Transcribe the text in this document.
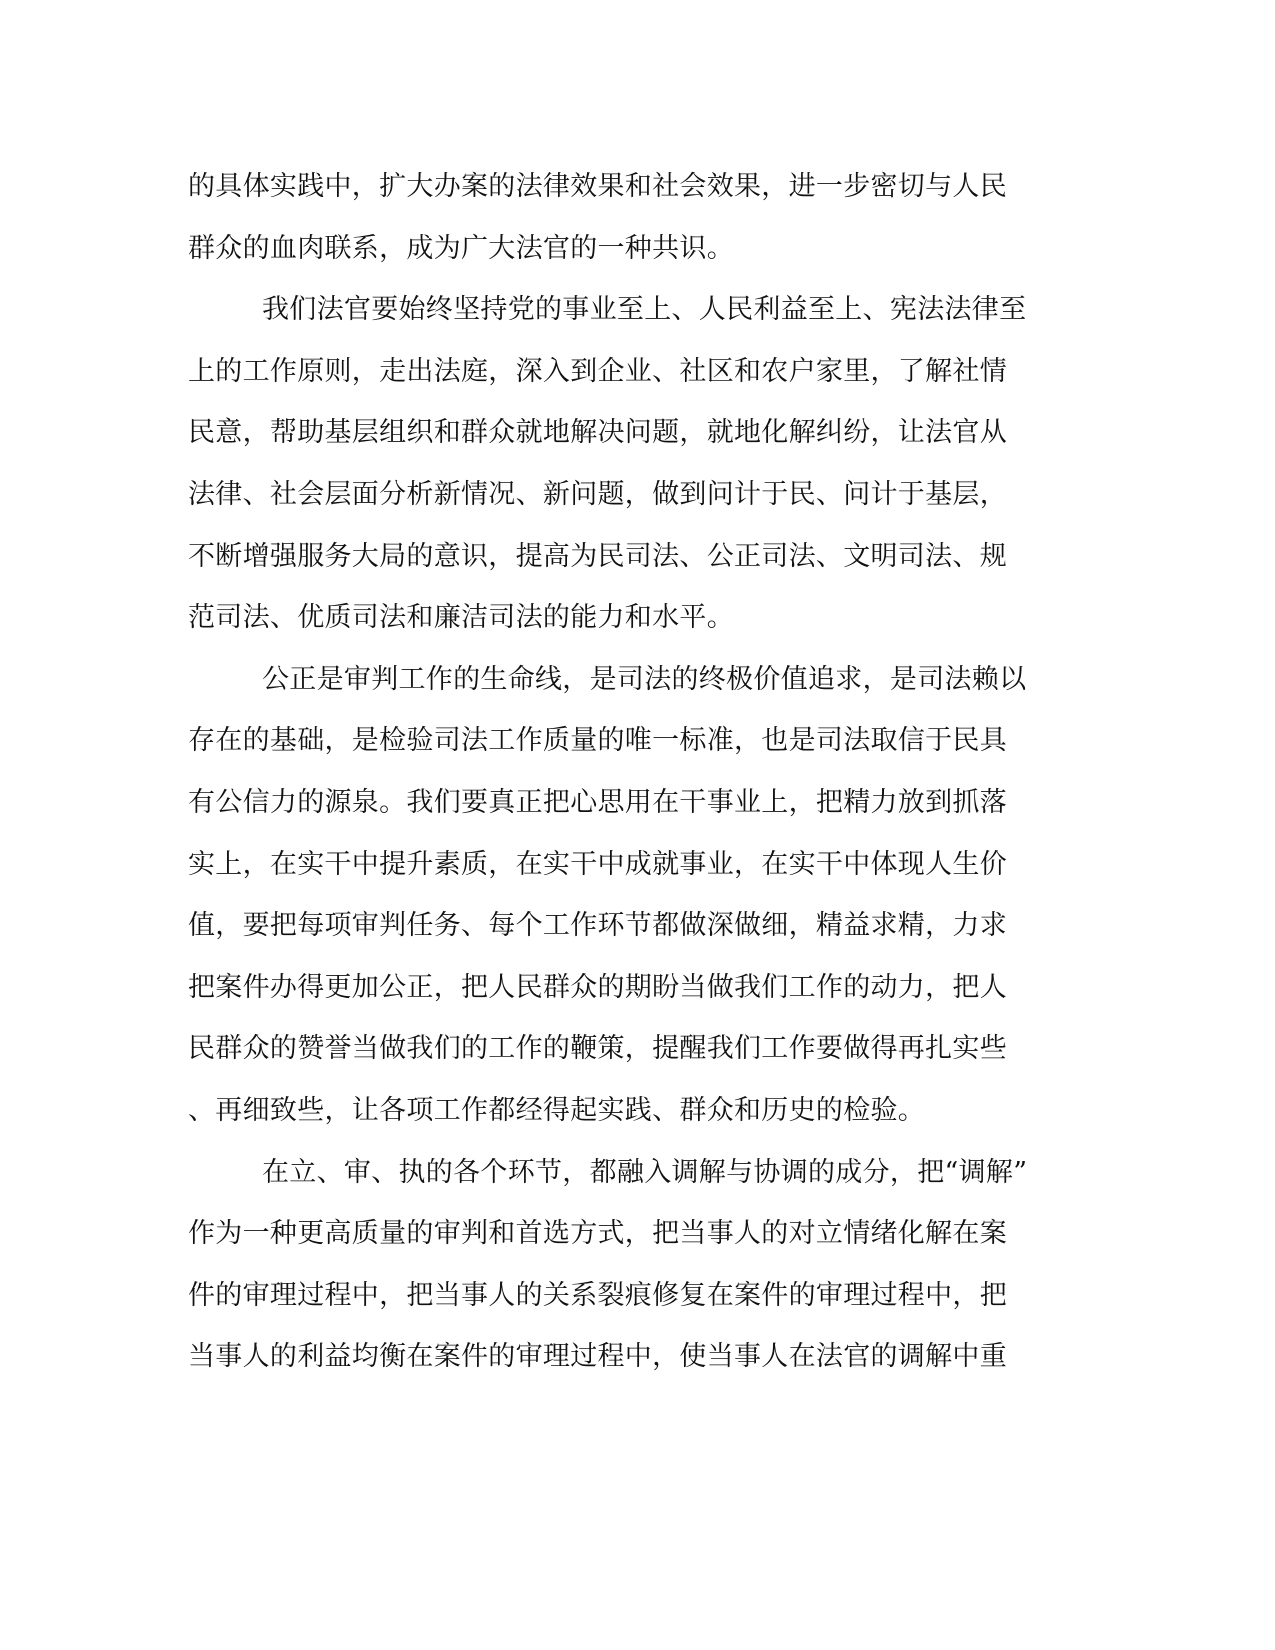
的具体实践中，扩大办案的法律效果和社会效果，进一步密切与人民
群众的血肉联系，成为广大法官的一种共识。
我们法官要始终坚持党的事业至上、人民利益至上、宪法法律至
上的工作原则，走出法庭，深入到企业、社区和农户家里，了解社情
民意，帮助基层组织和群众就地解决问题，就地化解纠纷，让法官从
法律、社会层面分析新情况、新问题，做到问计于民、问计于基层，
不断增强服务大局的意识，提高为民司法、公正司法、文明司法、规
范司法、优质司法和廉洁司法的能力和水平。
公正是审判工作的生命线，是司法的终极价值追求，是司法赖以
存在的基础，是检验司法工作质量的唯一标准，也是司法取信于民具
有公信力的源泉。我们要真正把心思用在干事业上，把精力放到抓落
实上，在实干中提升素质，在实干中成就事业，在实干中体现人生价
值，要把每项审判任务、每个工作环节都做深做细，精益求精，力求
把案件办得更加公正，把人民群众的期盼当做我们工作的动力，把人
民群众的赞誉当做我们的工作的鞭策，提醒我们工作要做得再扎实些
、再细致些，让各项工作都经得起实践、群众和历史的检验。
在立、审、执的各个环节，都融入调解与协调的成分，把“调解”
作为一种更高质量的审判和首选方式，把当事人的对立情绪化解在案
件的审理过程中，把当事人的关系裂痕修复在案件的审理过程中，把
当事人的利益均衡在案件的审理过程中，使当事人在法官的调解中重
